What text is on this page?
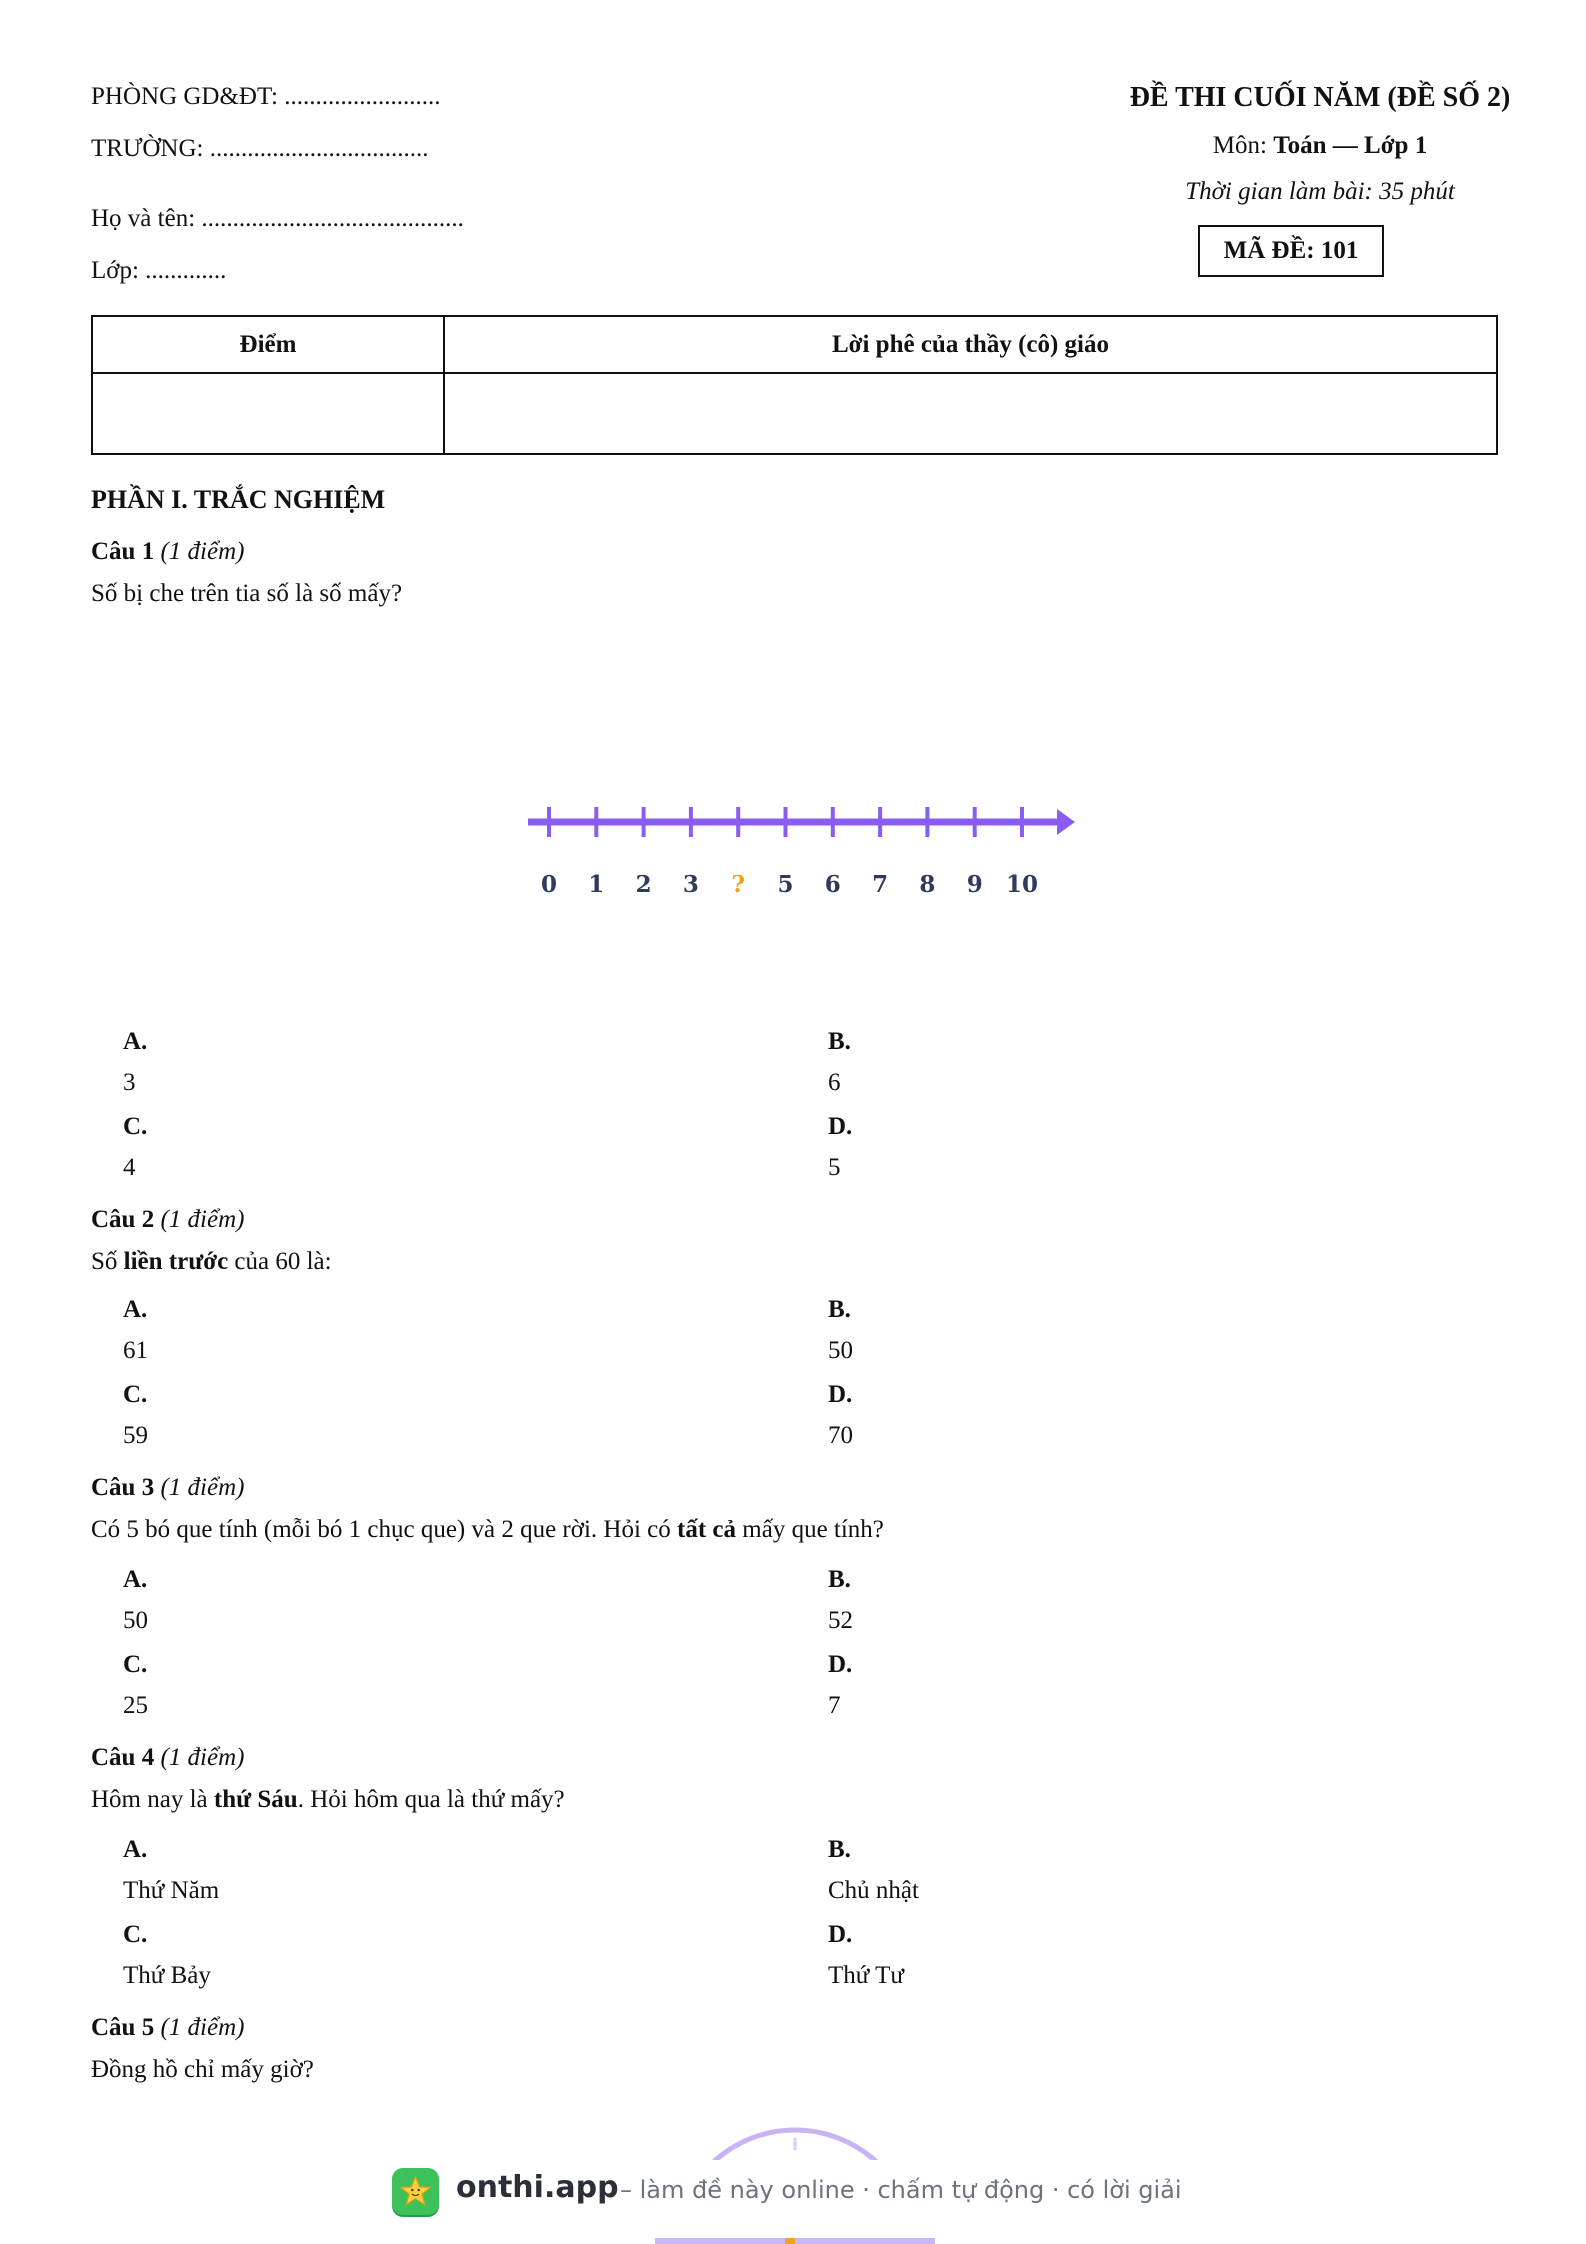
PHÒNG GD&ĐT: .........................
TRƯỜNG: ...................................
Họ và tên: ..........................................
Lớp: .............
ĐỀ THI CUỐI NĂM (ĐỀ SỐ 2)
Môn: Toán — Lớp 1
Thời gian làm bài: 35 phút
MÃ ĐỀ: 101
Điểm	Lời phê của thầy (cô) giáo

PHẦN I. TRẮC NGHIỆM
Câu 1 (1 điểm)
Số bị che trên tia số là số mấy?
0 1 2 3 ? 5 6 7 8 9 10
A.
3
B.
6
C.
4
D.
5
Câu 2 (1 điểm)
Số liền trước của 60 là:
A.
61
B.
50
C.
59
D.
70
Câu 3 (1 điểm)
Có 5 bó que tính (mỗi bó 1 chục que) và 2 que rời. Hỏi có tất cả mấy que tính?
A.
50
B.
52
C.
25
D.
7
Câu 4 (1 điểm)
Hôm nay là thứ Sáu. Hỏi hôm qua là thứ mấy?
A.
Thứ Năm
B.
Chủ nhật
C.
Thứ Bảy
D.
Thứ Tư
Câu 5 (1 điểm)
Đồng hồ chỉ mấy giờ?
onthi.app – làm đề này online · chấm tự động · có lời giải
